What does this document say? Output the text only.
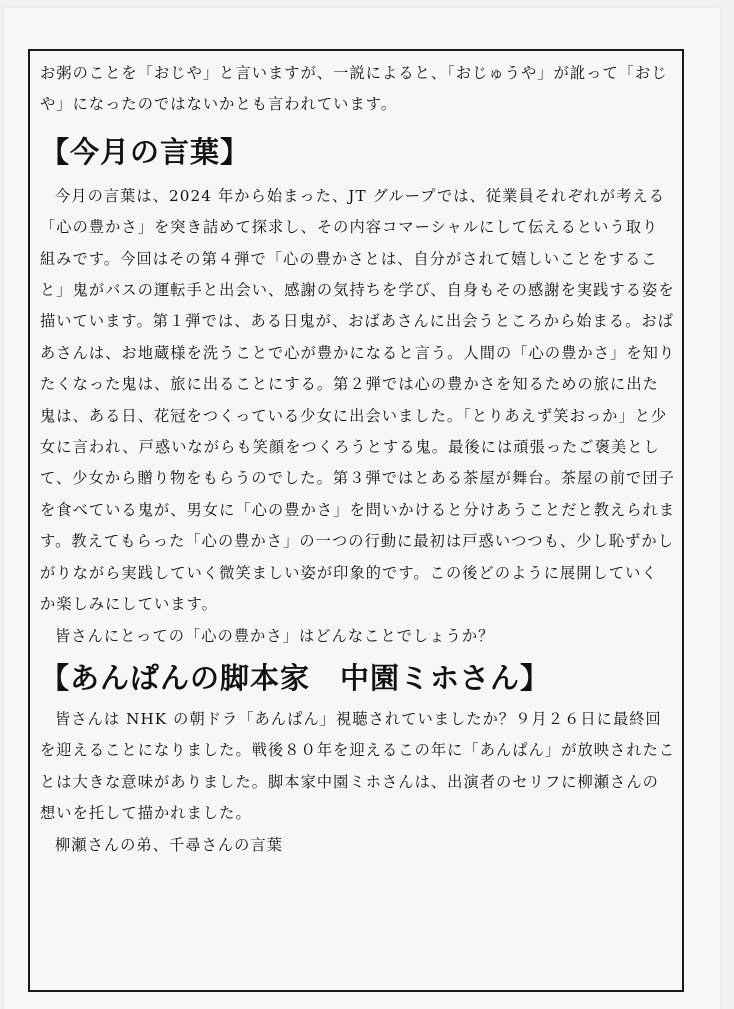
お粥のことを「おじや」と言いますが、一説によると、「おじゅうや」が訛って「おじ
や」になったのではないかとも言われています。
【今月の言葉】
今月の言葉は、2024 年から始まった、JT グループでは、従業員それぞれが考える
「心の豊かさ」を突き詰めて探求し、その内容コマーシャルにして伝えるという取り
組みです。今回はその第４弾で「心の豊かさとは、自分がされて嬉しいことをするこ
と」鬼がバスの運転手と出会い、感謝の気持ちを学び、自身もその感謝を実践する姿を
描いています。第１弾では、ある日鬼が、おばあさんに出会うところから始まる。おば
あさんは、お地蔵様を洗うことで心が豊かになると言う。人間の「心の豊かさ」を知り
たくなった鬼は、旅に出ることにする。第２弾では心の豊かさを知るための旅に出た
鬼は、ある日、花冠をつくっている少女に出会いました。「とりあえず笑おっか」と少
女に言われ、戸惑いながらも笑顔をつくろうとする鬼。最後には頑張ったご褒美とし
て、少女から贈り物をもらうのでした。第３弾ではとある茶屋が舞台。茶屋の前で団子
を食べている鬼が、男女に「心の豊かさ」を問いかけると分けあうことだと教えられま
す。教えてもらった「心の豊かさ」の一つの行動に最初は戸惑いつつも、少し恥ずかし
がりながら実践していく微笑ましい姿が印象的です。この後どのように展開していく
か楽しみにしています。
皆さんにとっての「心の豊かさ」はどんなことでしょうか？
【あんぱんの脚本家　中園ミホさん】
皆さんは NHK の朝ドラ「あんぱん」視聴されていましたか？９月２６日に最終回
を迎えることになりました。戦後８０年を迎えるこの年に「あんぱん」が放映されたこ
とは大きな意味がありました。脚本家中園ミホさんは、出演者のセリフに柳瀬さんの
想いを托して描かれました。
柳瀬さんの弟、千尋さんの言葉
